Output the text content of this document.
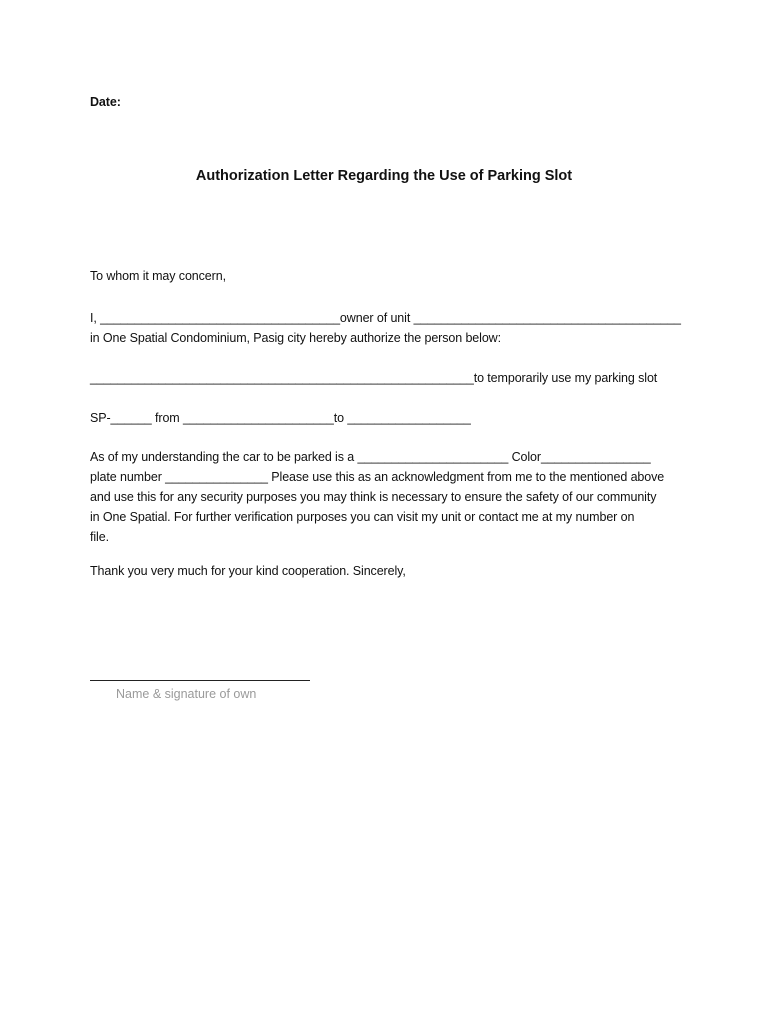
Date:
Authorization Letter Regarding the Use of Parking Slot
To whom it may concern,
I, ___________________________________owner of unit _______________________________________
in One Spatial Condominium, Pasig city hereby authorize the person below:
________________________________________________________to temporarily use my parking slot
SP-______ from ______________________to __________________
As of my understanding the car to be parked is a ______________________ Color________________
plate number _______________ Please use this as an acknowledgment from me to the mentioned above
and use this for any security purposes you may think is necessary to ensure the safety of our community
in One Spatial. For further verification purposes you can visit my unit or contact me at my number on
file.
Thank you very much for your kind cooperation. Sincerely,
Name & signature of own
